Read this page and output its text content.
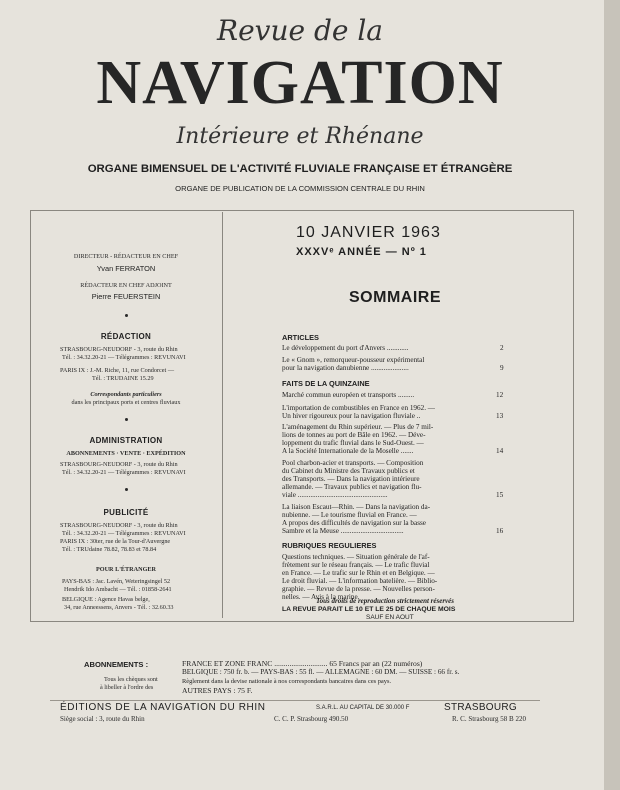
Revue de la
NAVIGATION
Intérieure et Rhénane
ORGANE BIMENSUEL DE L'ACTIVITÉ FLUVIALE FRANÇAISE ET ÉTRANGÈRE
ORGANE DE PUBLICATION DE LA COMMISSION CENTRALE DU RHIN
10 JANVIER 1963
XXXVᵉ ANNÉE — Nº 1
SOMMAIRE
DIRECTEUR - RÉDACTEUR EN CHEF
Yvan FERRATON
RÉDACTEUR EN CHEF ADJOINT
Pierre FEUERSTEIN
RÉDACTION
STRASBOURG-NEUDORF - 3, route du Rhin
Tél. : 34.32.20-21 — Télégrammes : REVUNAVI
PARIS IX : J.-M. Riche, 11, rue Condorcet —
Tél. : TRUDAINE 15.29
Correspondants particuliers
dans les principaux ports et centres fluviaux
ADMINISTRATION
ABONNEMENTS · VENTE · EXPÉDITION
STRASBOURG-NEUDORF - 3, route du Rhin
Tél. : 34.32.20-21 — Télégrammes : REVUNAVI
PUBLICITÉ
STRASBOURG-NEUDORF - 3, route du Rhin
Tél. : 34.32.20-21 — Télégrammes : REVUNAVI
PARIS IX : 30ter, rue de la Tour-d'Auvergne
Tél. : TRUdaine 78.82, 78.83 et 78.84
POUR L'ÉTRANGER
PAYS-BAS : Jac. Lavén, Weteringsingel 52
Hendrik Ido Ambacht — Tél. : 01858-2641
BELGIQUE : Agence Havas belge,
34, rue Anneessens, Anvers - Tél. : 32.60.33
ARTICLES
Le développement du port d'Anvers ............	2
Le « Gnom », remorqueur-pousseur expérimental
pour la navigation danubienne .....................	9
FAITS DE LA QUINZAINE
Marché commun européen et transports .........	12
L'importation de combustibles en France en 1962. —
Un hiver rigoureux pour la navigation fluviale ..	13
L'aménagement du Rhin supérieur. — Plus de 7 mil-
lions de tonnes au port de Bâle en 1962. — Déve-
loppement du trafic fluvial dans le Sud-Ouest. —
A la Société Internationale de la Moselle .......	14
Pool charbon-acier et transports. — Composition
du Cabinet du Ministre des Travaux publics et
des Transports. — Dans la navigation intérieure
allemande. — Travaux publics et navigation flu-
viale ..................................................	15
La liaison Escaut—Rhin. — Dans la navigation da-
nubienne. — Le tourisme fluvial en France. —
A propos des difficultés de navigation sur la basse
Sambre et la Meuse ...................................	16
RUBRIQUES REGULIERES
Questions techniques. — Situation générale de l'af-
frètement sur le réseau français. — Le trafic fluvial
en France. — Le trafic sur le Rhin et en Belgique. —
Le droit fluvial. — L'information batelière. — Biblio-
graphie. — Revue de la presse. — Nouvelles person-
nelles. — Avis à la marine.
Tous droits de reproduction strictement réservés
LA REVUE PARAIT LE 10 ET LE 25 DE CHAQUE MOIS
SAUF EN AOUT
ABONNEMENTS :
Tous les chèques sont
à libeller à l'ordre des
FRANCE ET ZONE FRANC ............................ 65 Francs par an (22 numéros)
BELGIQUE : 750 fr. b. — PAYS-BAS : 55 fl. — ALLEMAGNE : 60 DM. — SUISSE : 66 fr. s.
Règlement dans la devise nationale à nos correspondants bancaires dans ces pays.
AUTRES PAYS : 75 F.
ÉDITIONS DE LA NAVIGATION DU RHIN	S.A.R.L. AU CAPITAL DE 30.000 F	STRASBOURG
Siège social : 3, route du Rhin	C. C. P. Strasbourg 490.50	R. C. Strasbourg 58 B 220
